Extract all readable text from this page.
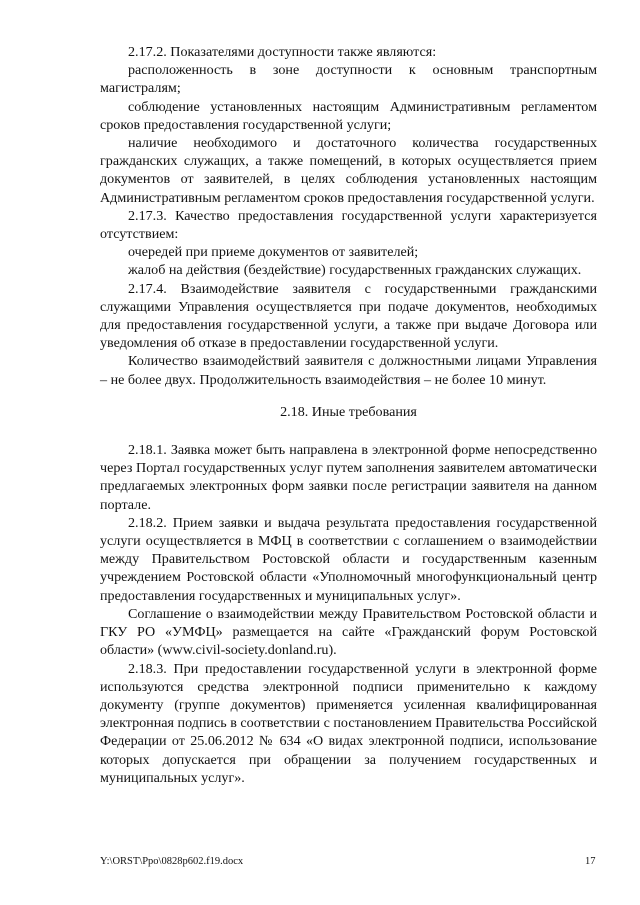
2.17.2. Показателями доступности также являются:

расположенность в зоне доступности к основным транспортным магистралям;

соблюдение установленных настоящим Административным регламентом сроков предоставления государственной услуги;

наличие необходимого и достаточного количества государственных гражданских служащих, а также помещений, в которых осуществляется прием документов от заявителей, в целях соблюдения установленных настоящим Административным регламентом сроков предоставления государственной услуги.

2.17.3. Качество предоставления государственной услуги характеризуется отсутствием:

очередей при приеме документов от заявителей;

жалоб на действия (бездействие) государственных гражданских служащих.

2.17.4. Взаимодействие заявителя с государственными гражданскими служащими Управления осуществляется при подаче документов, необходимых для предоставления государственной услуги, а также при выдаче Договора или уведомления об отказе в предоставлении государственной услуги.

Количество взаимодействий заявителя с должностными лицами Управления – не более двух. Продолжительность взаимодействия – не более 10 минут.

2.18. Иные требования

2.18.1. Заявка может быть направлена в электронной форме непосредственно через Портал государственных услуг путем заполнения заявителем автоматически предлагаемых электронных форм заявки после регистрации заявителя на данном портале.

2.18.2. Прием заявки и выдача результата предоставления государственной услуги осуществляется в МФЦ в соответствии с соглашением о взаимодействии между Правительством Ростовской области и государственным казенным учреждением Ростовской области «Уполномочный многофункциональный центр предоставления государственных и муниципальных услуг».

Соглашение о взаимодействии между Правительством Ростовской области и ГКУ РО «УМФЦ» размещается на сайте «Гражданский форум Ростовской области» (www.civil-society.donland.ru).

2.18.3. При предоставлении государственной услуги в электронной форме используются средства электронной подписи применительно к каждому документу (группе документов) применяется усиленная квалифицированная электронная подпись в соответствии с постановлением Правительства Российской Федерации от 25.06.2012 № 634 «О видах электронной подписи, использование которых допускается при обращении за получением государственных и муниципальных услуг».

Y:\ORST\Ppo\0828p602.f19.docx	17
